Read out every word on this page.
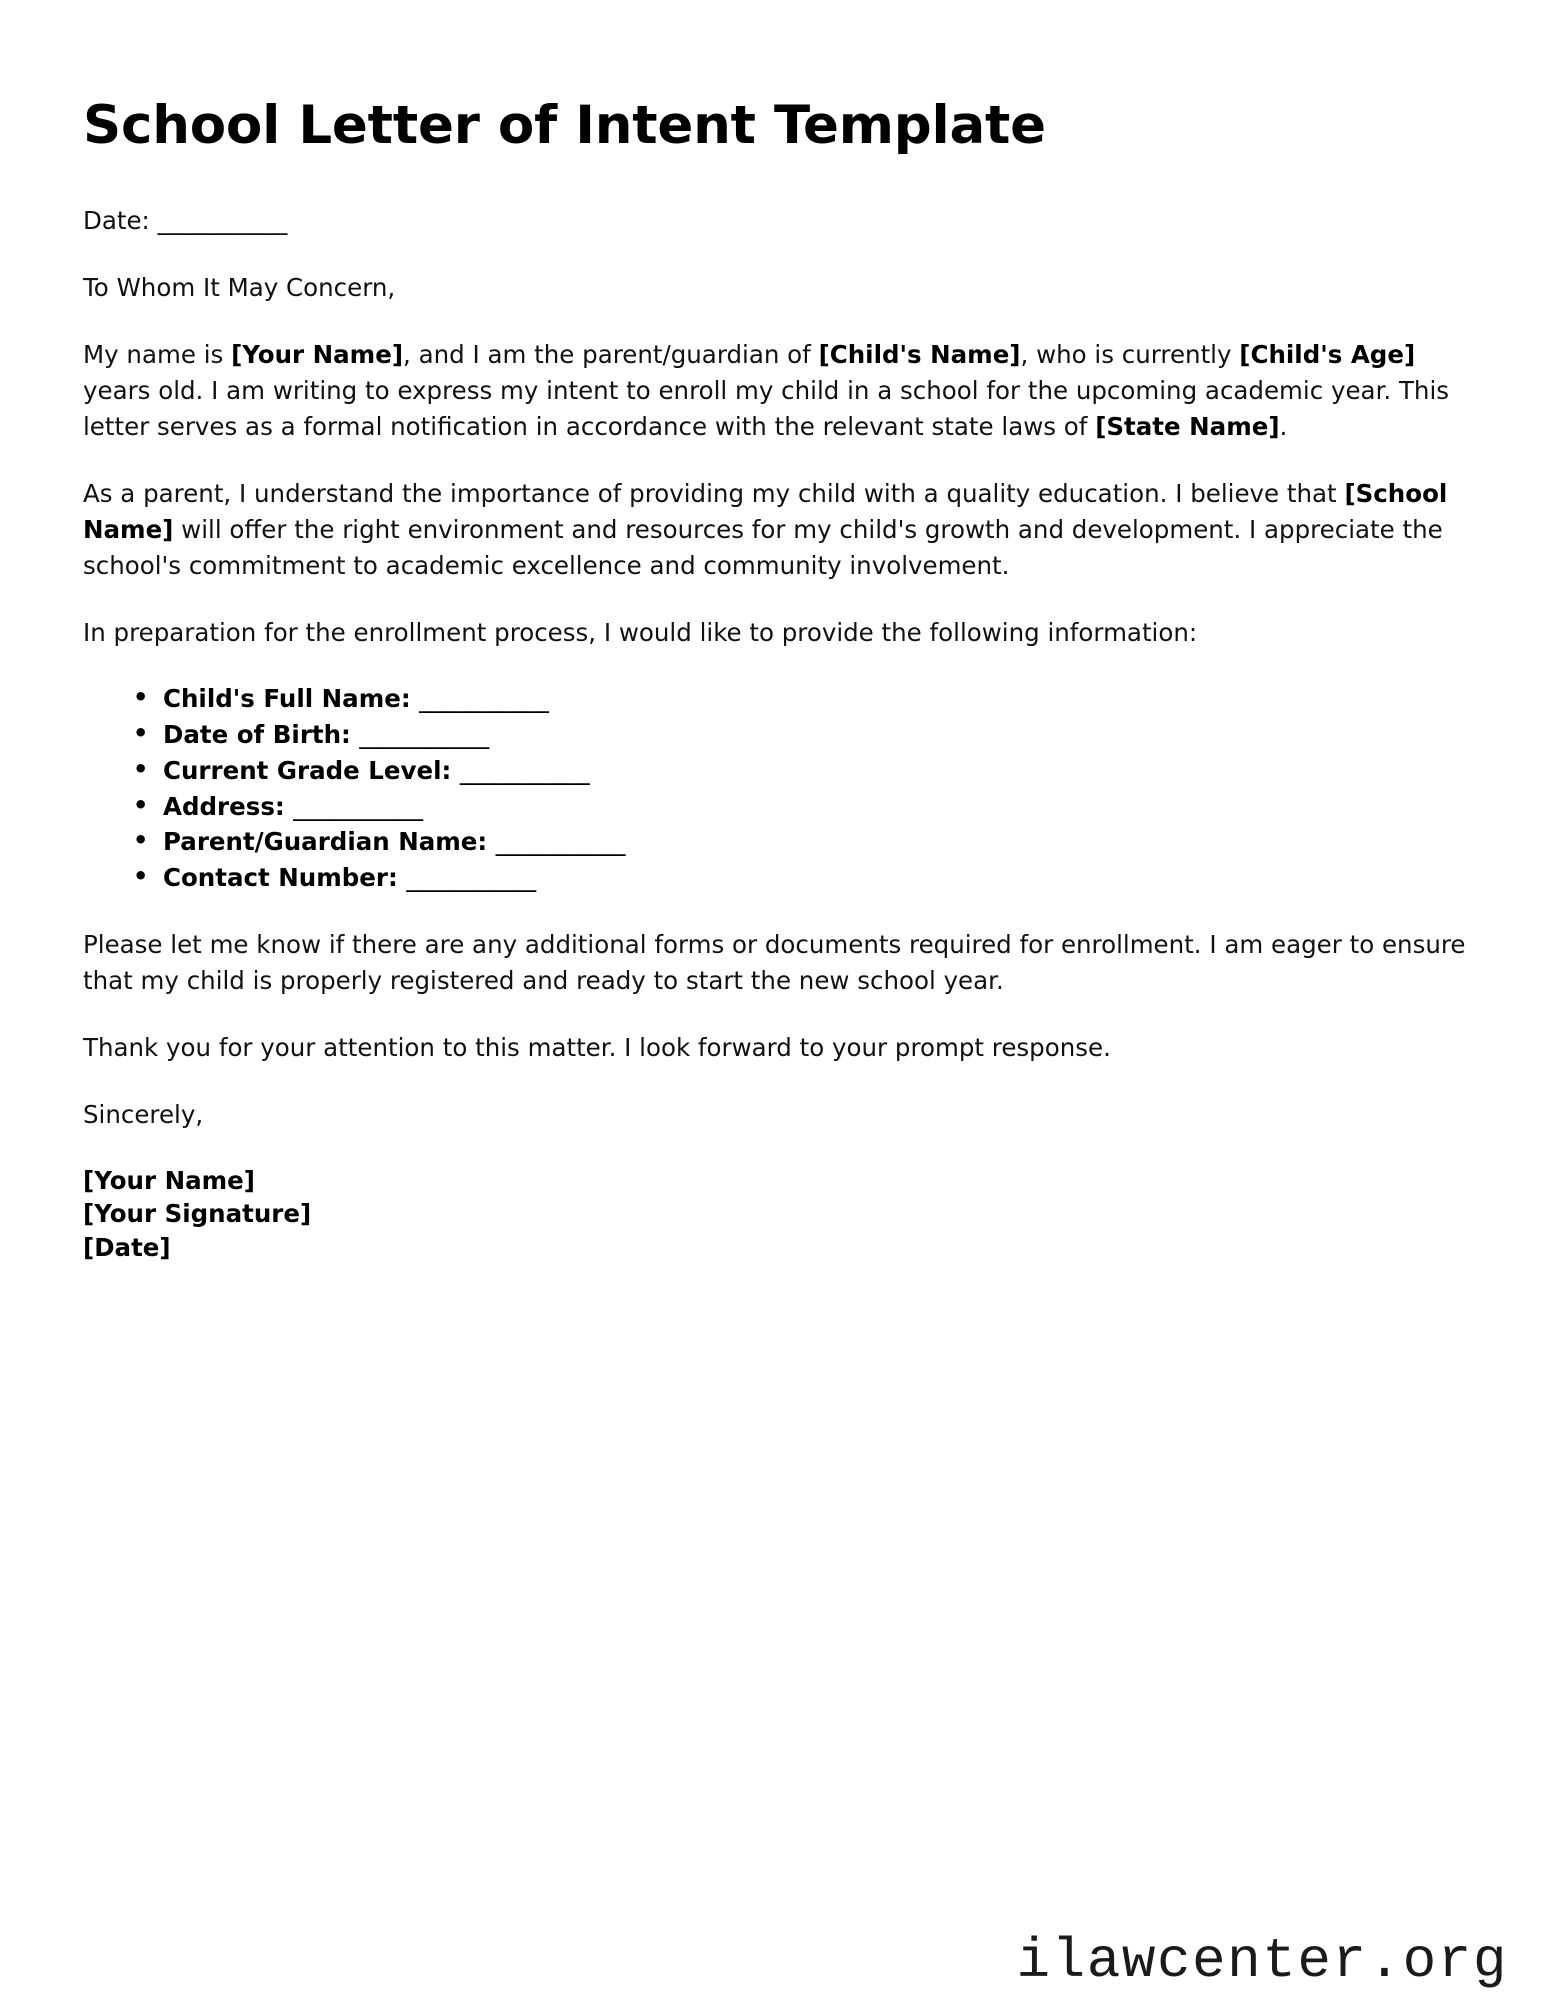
School Letter of Intent Template

Date: ___________

To Whom It May Concern,

My name is [Your Name], and I am the parent/guardian of [Child's Name], who is currently [Child's Age] years old. I am writing to express my intent to enroll my child in a school for the upcoming academic year. This letter serves as a formal notification in accordance with the relevant state laws of [State Name].

As a parent, I understand the importance of providing my child with a quality education. I believe that [School Name] will offer the right environment and resources for my child's growth and development. I appreciate the school's commitment to academic excellence and community involvement.

In preparation for the enrollment process, I would like to provide the following information:

• Child's Full Name: ___________
• Date of Birth: ___________
• Current Grade Level: ___________
• Address: ___________
• Parent/Guardian Name: ___________
• Contact Number: ___________

Please let me know if there are any additional forms or documents required for enrollment. I am eager to ensure that my child is properly registered and ready to start the new school year.

Thank you for your attention to this matter. I look forward to your prompt response.

Sincerely,

[Your Name]
[Your Signature]
[Date]
ilawcenter.org
